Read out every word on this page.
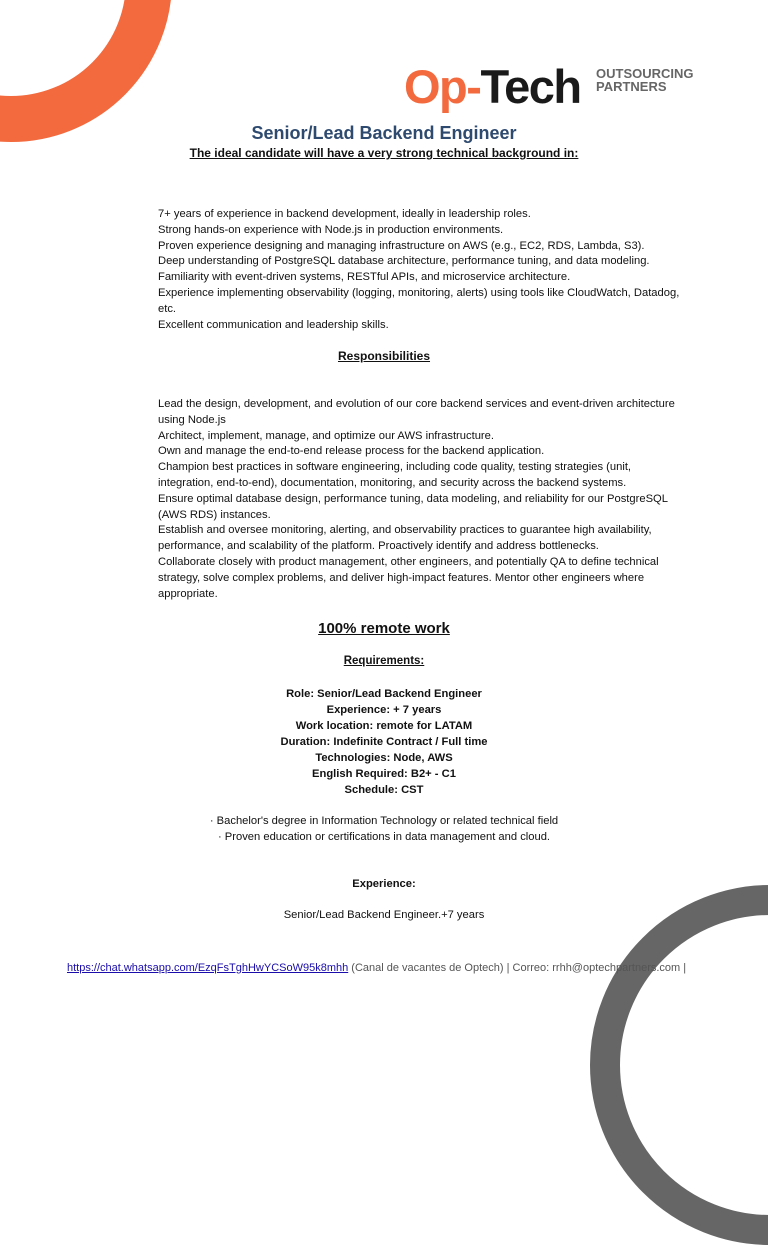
Op-Tech OUTSOURCING
PARTNERS
Senior/Lead Backend Engineer
The ideal candidate will have a very strong technical background in:
7+ years of experience in backend development, ideally in leadership roles.
Strong hands-on experience with Node.js in production environments.
Proven experience designing and managing infrastructure on AWS (e.g., EC2, RDS, Lambda, S3).
Deep understanding of PostgreSQL database architecture, performance tuning, and data modeling.
Familiarity with event-driven systems, RESTful APIs, and microservice architecture.
Experience implementing observability (logging, monitoring, alerts) using tools like CloudWatch, Datadog,
etc.
Excellent communication and leadership skills.
Responsibilities
Lead the design, development, and evolution of our core backend services and event-driven architecture
using Node.js
Architect, implement, manage, and optimize our AWS infrastructure.
Own and manage the end-to-end release process for the backend application.
Champion best practices in software engineering, including code quality, testing strategies (unit,
integration, end-to-end), documentation, monitoring, and security across the backend systems.
Ensure optimal database design, performance tuning, data modeling, and reliability for our PostgreSQL
(AWS RDS) instances.
Establish and oversee monitoring, alerting, and observability practices to guarantee high availability,
performance, and scalability of the platform. Proactively identify and address bottlenecks.
Collaborate closely with product management, other engineers, and potentially QA to define technical
strategy, solve complex problems, and deliver high-impact features. Mentor other engineers where
appropriate.
100% remote work
Requirements:
Role: Senior/Lead Backend Engineer
Experience: + 7 years
Work location: remote for LATAM
Duration: Indefinite Contract / Full time
Technologies: Node, AWS
English Required: B2+ - C1
Schedule: CST
· Bachelor's degree in Information Technology or related technical field
· Proven education or certifications in data management and cloud.
Experience:
Senior/Lead Backend Engineer.+7 years
https://chat.whatsapp.com/EzqFsTghHwYCSoW95k8mhh (Canal de vacantes de Optech) | Correo: rrhh@optechpartners.com |
